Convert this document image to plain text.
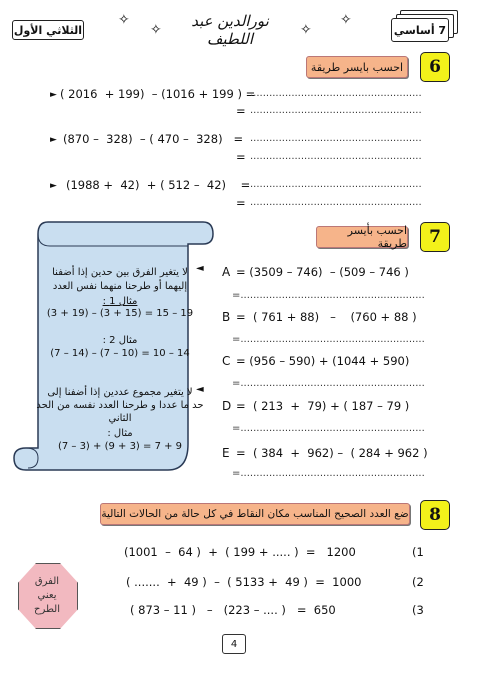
الثلاثي الأول
✧
✧	نورالدين عبد اللطيف	✧
✧
7 أساسي
6
احسب بايسر طريقة
► ( 2016  + 199)  – (1016 + 199 ) =
......................................................
= ......................................................
► (870 –  328)  – ( 470 –  328)   = ......................................................
= ......................................................
► (1988 +  42)  + ( 512 –  42)    = ......................................................
= ......................................................
7
احسب بأيسر طريقة
لا يتغير الفرق بين حدين إذا أضفنا
إليهما أو طرحنا منهما نفس العدد
مثال 1 :
19 – 15 = (15 + 3) – (19 + 3)
مثال 2 :
14 – 10 = (10 – 7) – (14 – 7)
لا يتغير مجموع عددين إذا أضفنا إلى
حد ما عددا و طرحنا العدد نفسه من الحد
الثاني
مثال :
(7 – 3) + (9 + 3) = 7 + 9
◄
◄
A = (3509 – 746)  – (509 – 746 )
=..........................................................
B =  ( 761 + 88)   –    (760 + 88 )
=..........................................................
C = (956 – 590) + (1044 + 590)
=..........................................................
D =  ( 213  +  79) + ( 187 – 79 )
=..........................................................
E =  ( 384  +  962) –  ( 284 + 962 )
=..........................................................
8
ضع العدد الصحيح المناسب مكان النقاط في كل حالة من الحالات التالية
(1001  –  64 )  +  ( 199 + ..... )  =   1200	(1
( .......  +  49 )  –  ( 5133 +  49 )  =  1000	(2
( 873 – 11 )   –   (223 – .... )   =  650	(3
الفرق
يعني
الطرح
4
